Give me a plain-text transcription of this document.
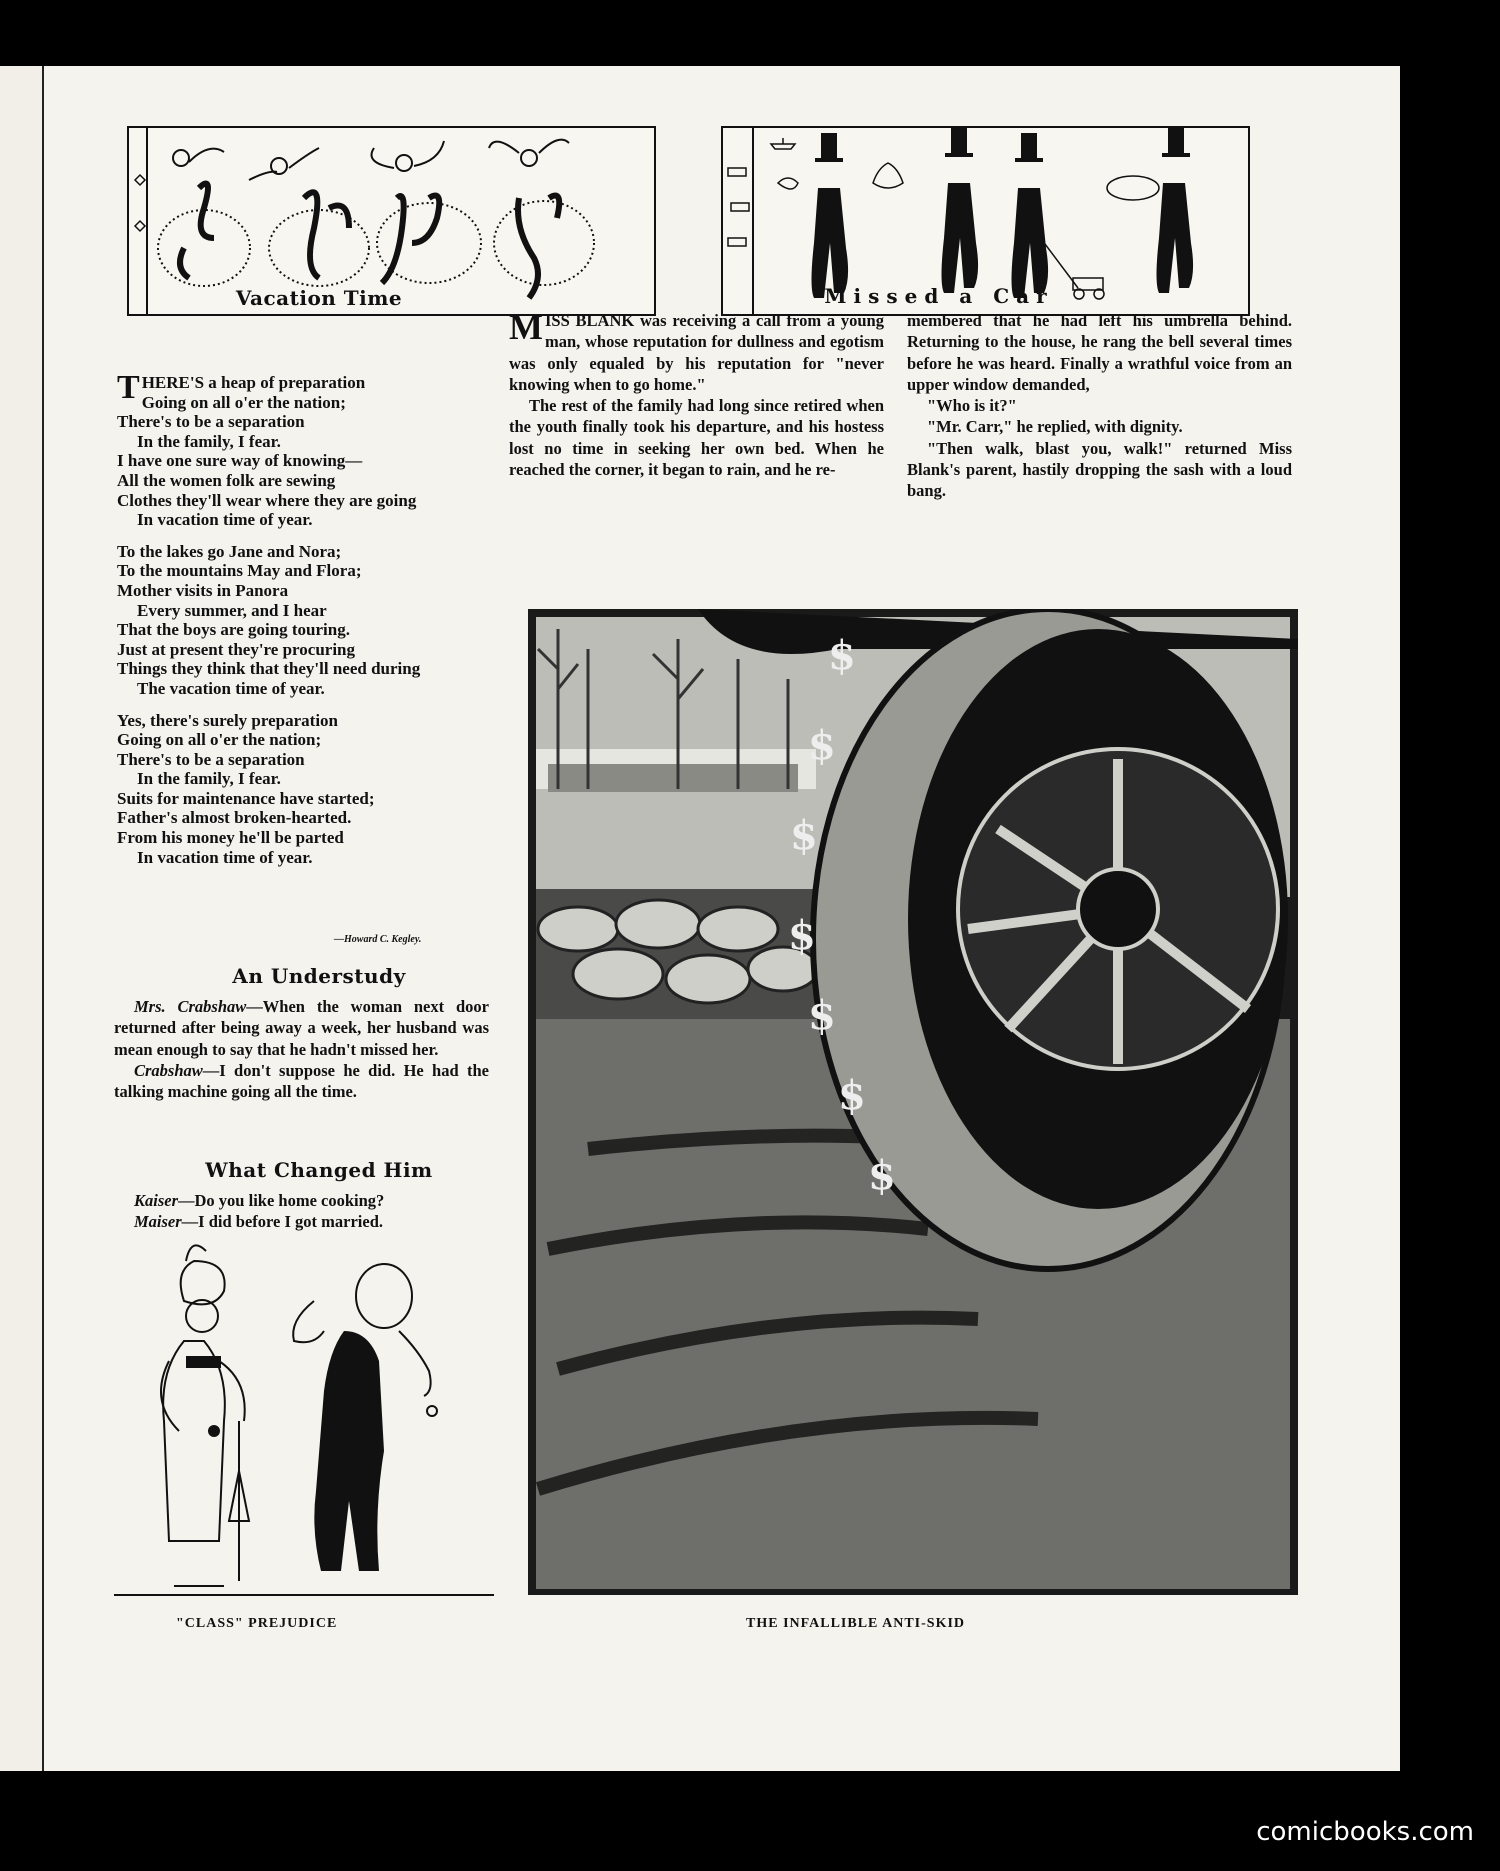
Vacation Time
THERE'S a heap of preparation
Going on all o'er the nation;
There's to be a separation
In the family, I fear.
I have one sure way of knowing—
All the women folk are sewing
Clothes they'll wear where they are going
In vacation time of year.
To the lakes go Jane and Nora;
To the mountains May and Flora;
Mother visits in Panora
Every summer, and I hear
That the boys are going touring.
Just at present they're procuring
Things they think that they'll need during
The vacation time of year.
Yes, there's surely preparation
Going on all o'er the nation;
There's to be a separation
In the family, I fear.
Suits for maintenance have started;
Father's almost broken-hearted.
From his money he'll be parted
In vacation time of year.
—Howard C. Kegley.
An Understudy

Mrs. Crabshaw—When the woman next door returned after being away a week, her husband was mean enough to say that he hadn't missed her.

Crabshaw—I don't suppose he did. He had the talking machine going all the time.

What Changed Him

Kaiser—Do you like home cooking?

Maiser—I did before I got married.

"CLASS" PREJUDICE
Missed a Car

MISS BLANK was receiving a call from a young man, whose reputation for dullness and egotism was only equaled by his reputation for "never knowing when to go home."

The rest of the family had long since retired when the youth finally took his departure, and his hostess lost no time in seeking her own bed. When he reached the corner, it began to rain, and he re-

membered that he had left his umbrella behind. Returning to the house, he rang the bell several times before he was heard. Finally a wrathful voice from an upper window demanded,

"Who is it?"

"Mr. Carr," he replied, with dignity.

"Then walk, blast you, walk!" returned Miss Blank's parent, hastily dropping the sash with a loud bang.

$
$
$
$
$
$
$
THE INFALLIBLE ANTI-SKID
comicbooks.com
